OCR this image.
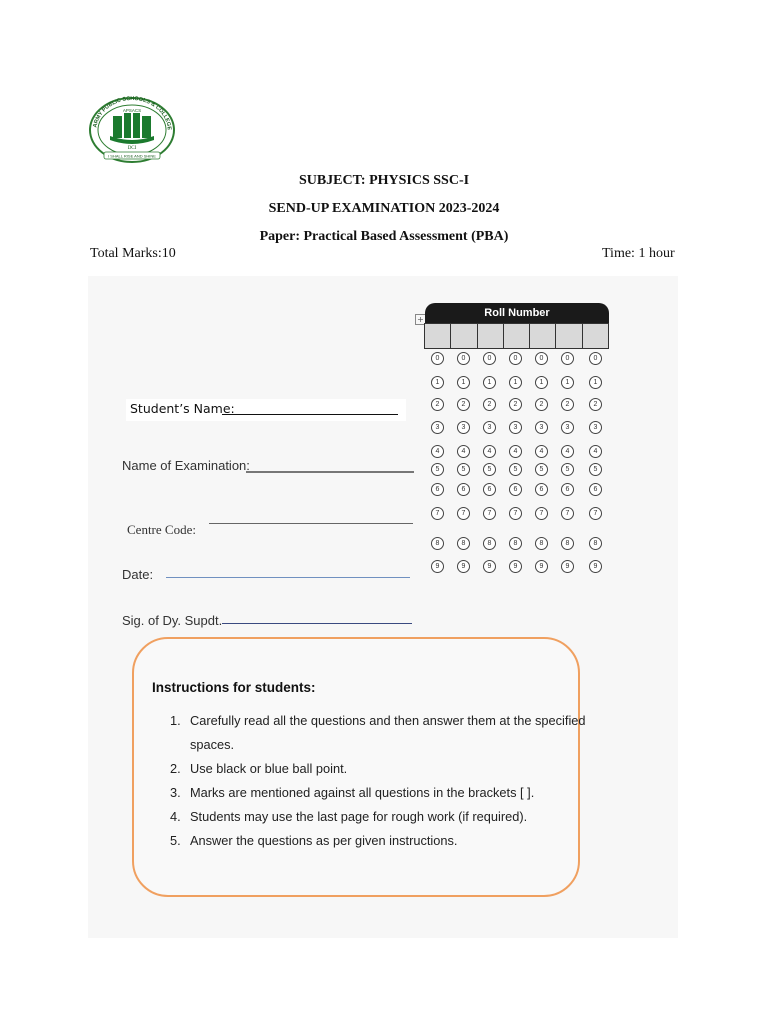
ARMY PUBLIC SCHOOLS & COLLEGE
APSACS
DCI
I SHALL RISE AND SHINE
SUBJECT: PHYSICS SSC-I
SEND-UP EXAMINATION 2023-2024
Paper: Practical Based Assessment (PBA)
Total Marks:10	Time: 1 hour
Student’s Name:
Name of Examination:
Centre Code:
Date:
Sig. of Dy. Supdt.
+
Roll Number
0	0	0	0	0	0	0
1	1	1	1	1	1	1
2	2	2	2	2	2	2
3	3	3	3	3	3	3
4	4	4	4	4	4	4
5	5	5	5	5	5	5
6	6	6	6	6	6	6
7	7	7	7	7	7	7
8	8	8	8	8	8	8
9	9	9	9	9	9	9
Instructions for students:
1. Carefully read all the questions and then answer them at the specified
spaces.
2. Use black or blue ball point.
3. Marks are mentioned against all questions in the brackets [ ].
4. Students may use the last page for rough work (if required).
5. Answer the questions as per given instructions.
